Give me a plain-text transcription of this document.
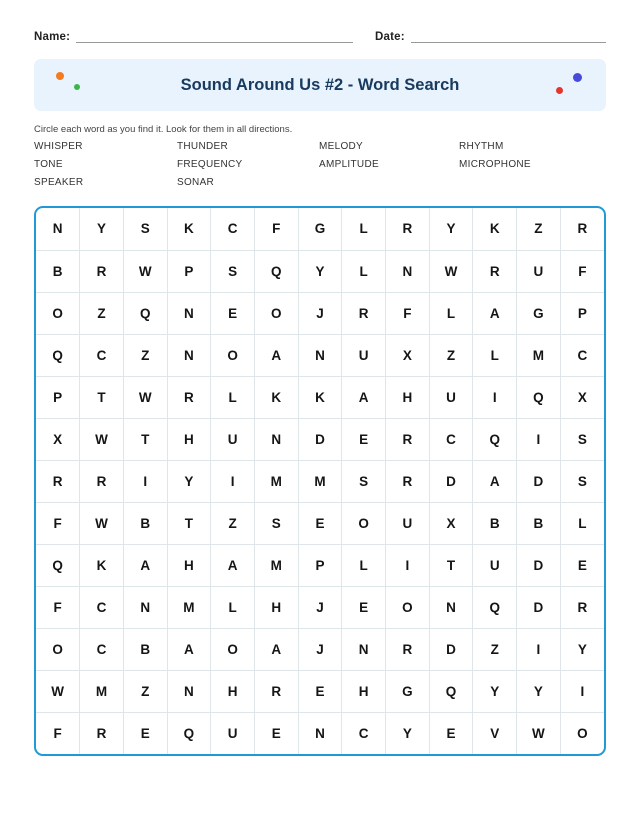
Name:	Date:
Sound Around Us #2 - Word Search
Circle each word as you find it. Look for them in all directions.
WHISPER	THUNDER	MELODY	RHYTHM
TONE	FREQUENCY	AMPLITUDE	MICROPHONE
SPEAKER	SONAR
N	Y	S	K	C	F	G	L	R	Y	K	Z	R
B	R	W	P	S	Q	Y	L	N	W	R	U	F
O	Z	Q	N	E	O	J	R	F	L	A	G	P
Q	C	Z	N	O	A	N	U	X	Z	L	M	C
P	T	W	R	L	K	K	A	H	U	I	Q	X
X	W	T	H	U	N	D	E	R	C	Q	I	S
R	R	I	Y	I	M	M	S	R	D	A	D	S
F	W	B	T	Z	S	E	O	U	X	B	B	L
Q	K	A	H	A	M	P	L	I	T	U	D	E
F	C	N	M	L	H	J	E	O	N	Q	D	R
O	C	B	A	O	A	J	N	R	D	Z	I	Y
W	M	Z	N	H	R	E	H	G	Q	Y	Y	I
F	R	E	Q	U	E	N	C	Y	E	V	W	O
